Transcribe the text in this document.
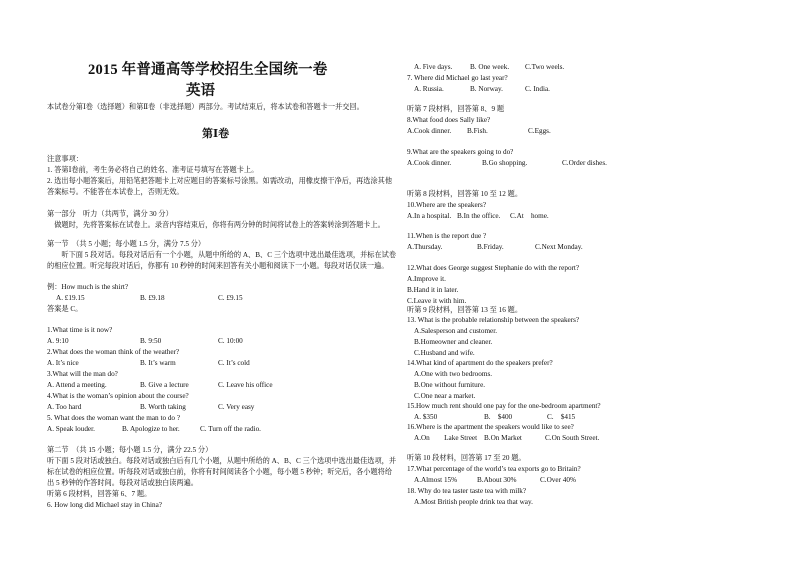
2015 年普通高等学校招生全国统一卷
英语
本试卷分第Ⅰ卷（选择题）和第Ⅱ卷（非选择题）两部分。考试结束后，将本试卷和答题卡一并交回。
第Ⅰ卷
注意事项：
1. 答第Ⅰ卷前，考生务必将自己的姓名、准考证号填写在答题卡上。
2. 选出每小题答案后，用铅笔把答题卡上对应题目的答案标号涂黑。如需改动，用橡皮擦干净后，再选涂其他
答案标号。不能答在本试卷上，否则无效。
第一部分　听力（共两节，满分 30 分）
　做题时，先将答案标在试卷上。录音内容结束后，你将有两分钟的时间将试卷上的答案转涂到答题卡上。
第一节　（共 5 小题；每小题 1.5 分，满分 7.5 分）
　　听下面 5 段对话。每段对话后有一个小题，从题中所给的 A、B、C 三个选项中选出最佳选项，并标在试卷
的相应位置。听完每段对话后，你都有 10 秒钟的时间来回答有关小题和阅读下一小题。每段对话仅读一遍。
例：How much is the shirt?
A. £19.15	B. £9.18	C. £9.15
答案是 C。
1.What time is it now?
A. 9:10	B. 9:50	C. 10:00
2.What does the woman think of the weather?
A. It’s nice	B. It’s warm	C. It’s cold
3.What will the man do?
A. Attend a meeting.	B. Give a lecture	C. Leave his office
4.What is the woman’s opinion about the course?
A. Too hard	B. Worth taking	C. Very easy
5. What does the woman want the man to do ?
A. Speak louder.	B. Apologize to her.	C. Turn off the radio.
第二节　（共 15 小题；每小题 1.5 分，满分 22.5 分）
听下面 5 段对话或独白。每段对话或独白后有几个小题，从题中所给的 A、B、C 三个选项中选出最佳选项，并
标在试卷的相应位置。听每段对话或独白前，你将有时间阅读各个小题，每小题 5 秒钟；听完后，各小题将给
出 5 秒钟的作答时间。每段对话或独白读两遍。
听第 6 段材料，回答第 6、7 题。
6. How long did Michael stay in China?
A. Five days. B. One week. C.Two weels.
7. Where did Michael go last year?
A. Russia.	B. Norway.	C. India.
听第 7 段材料，回答第 8、9 题
8.What food does Sally like?
A.Cook dinner. B.Fish.	C.Eggs.
9.What are the speakers going to do?
A.Cook dinner.	B.Go shopping.	C.Order dishes.
听第 8 段材料，回答第 10 至 12 题。
10.Where are the speakers?
A.In a hospital. B.In the office. C.At　home.
11.When is the report due ?
A.Thursday.	B.Friday.	C.Next Monday.
12.What does George suggest Stephanie do with the report?
A.Improve it.
B.Hand it in later.
C.Leave it with him.
听第 9 段材料，回答第 13 至 16 题。
13. What is the probable relationship between the speakers?
A.Salesperson and customer.
B.Homeowner and cleaner.
C.Husband and wife.
14.What kind of apartment do the speakers prefer?
A.One with two bedrooms.
B.One without furniture.
C.One near a market.
15.How much rent should one pay for the one-bedroom apartment?
A. $350	B.　$400	C.　$415
16.Where is the apartment the speakers would like to see?
A.On　　Lake Street B.On Market	C.On South Street.
听第 10 段材料，回答第 17 至 20 题。
17.What percentage of the world’s tea exports go to Britain?
A.Almost 15%	B.About 30%	C.Over 40%
18. Why do tea taster taste tea with milk?
A.Most British people drink tea that way.
